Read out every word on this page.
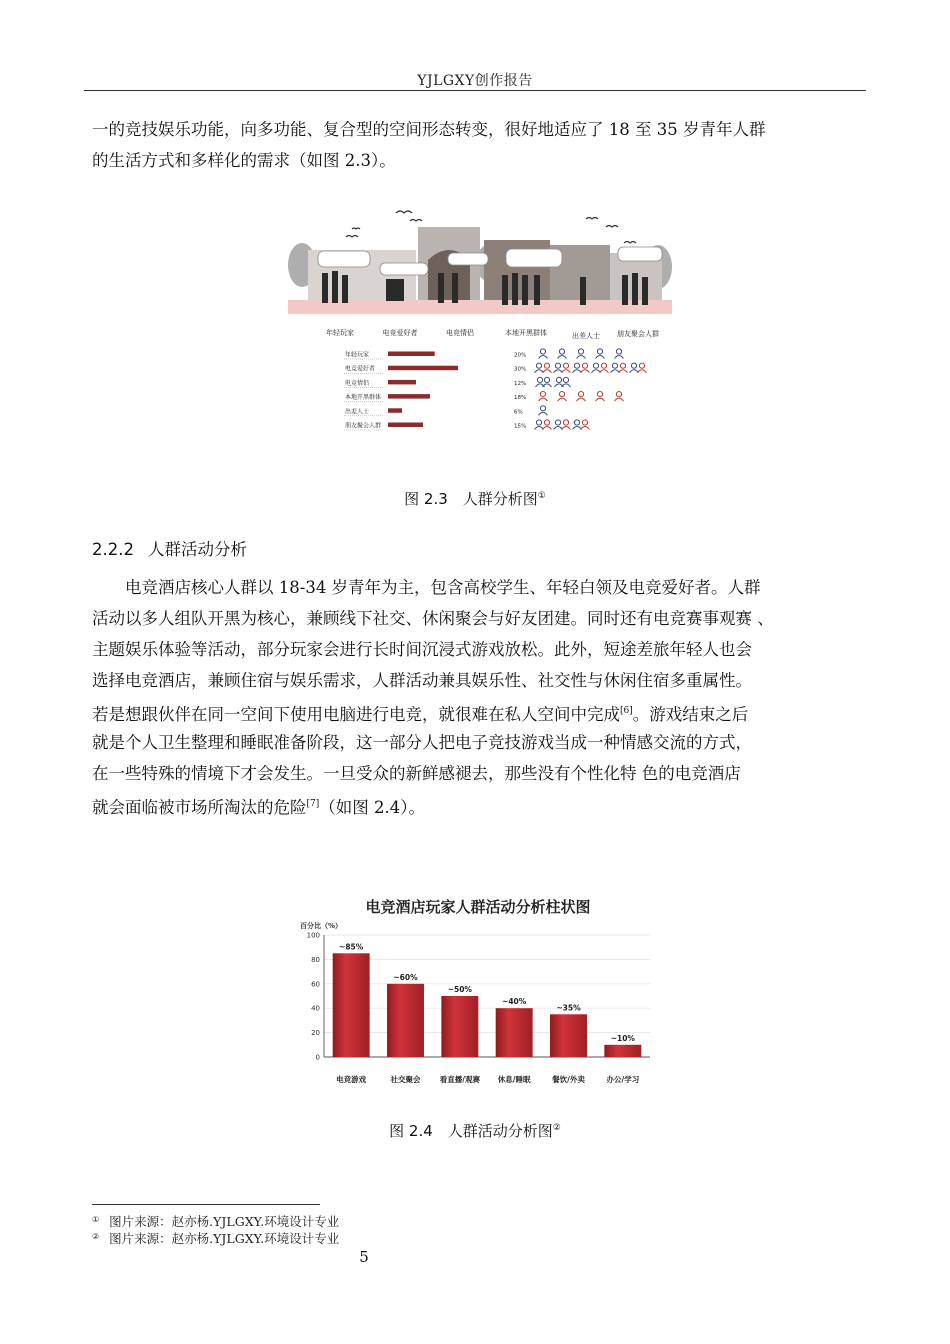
YJLGXY创作报告
一的竞技娱乐功能，向多功能、复合型的空间形态转变，很好地适应了 18 至 35 岁青年人群
的生活方式和多样化的需求（如图 2.3）。
年轻玩家	电竞爱好者	电竞情侣	本地开黑群体	出差人士 朋友聚会人群
年轻玩家	20%
电竞爱好者	30%
电竞情侣	12%
本地开黑群体	18%
出差人士	6%
朋友聚会人群	15%
图 2.3　人群分析图①
2.2.2 人群活动分析
　　电竞酒店核心人群以 18-34 岁青年为主，包含高校学生、年轻白领及电竞爱好者。人群
活动以多人组队开黑为核心，兼顾线下社交、休闲聚会与好友团建。同时还有电竞赛事观赛 、
主题娱乐体验等活动，部分玩家会进行长时间沉浸式游戏放松。此外，短途差旅年轻人也会
选择电竞酒店，兼顾住宿与娱乐需求，人群活动兼具娱乐性、社交性与休闲住宿多重属性。
若是想跟伙伴在同一空间下使用电脑进行电竞，就很难在私人空间中完成[6]。游戏结束之后
就是个人卫生整理和睡眠准备阶段，这一部分人把电子竞技游戏当成一种情感交流的方式，
在一些特殊的情境下才会发生。一旦受众的新鲜感褪去，那些没有个性化特 色的电竞酒店
就会面临被市场所淘汰的危险[7]（如图 2.4）。
电竞酒店玩家人群活动分析柱状图
百分比（%）
0
20
40
60
80
100
~85%
电竞游戏
~60%
社交聚会
~50%
看直播/观赛
~40%
休息/睡眠
~35%
餐饮/外卖
~10%
办公/学习
图 2.4　人群活动分析图②
① 图片来源：赵亦杨.YJLGXY.环境设计专业
② 图片来源：赵亦杨.YJLGXY.环境设计专业
5
